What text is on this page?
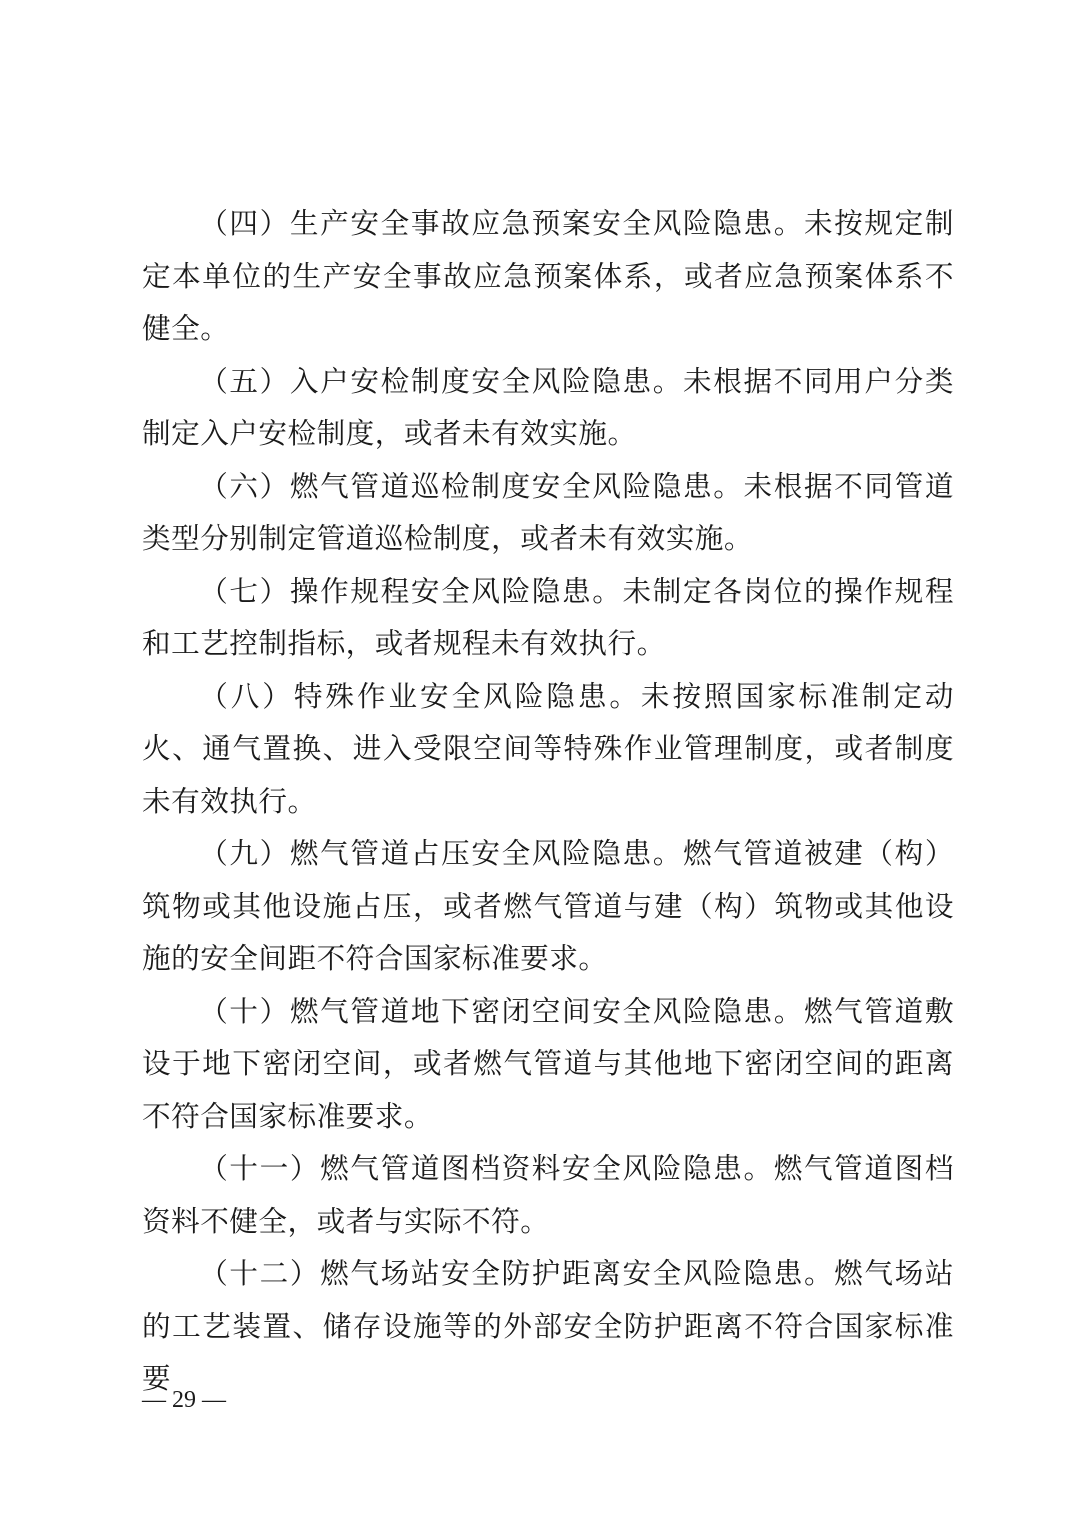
（四）生产安全事故应急预案安全风险隐患。未按规定制定本单位的生产安全事故应急预案体系，或者应急预案体系不健全。

（五）入户安检制度安全风险隐患。未根据不同用户分类制定入户安检制度，或者未有效实施。

（六）燃气管道巡检制度安全风险隐患。未根据不同管道类型分别制定管道巡检制度，或者未有效实施。

（七）操作规程安全风险隐患。未制定各岗位的操作规程和工艺控制指标，或者规程未有效执行。

（八）特殊作业安全风险隐患。未按照国家标准制定动火、通气置换、进入受限空间等特殊作业管理制度，或者制度未有效执行。

（九）燃气管道占压安全风险隐患。燃气管道被建（构）筑物或其他设施占压，或者燃气管道与建（构）筑物或其他设施的安全间距不符合国家标准要求。

（十）燃气管道地下密闭空间安全风险隐患。燃气管道敷设于地下密闭空间，或者燃气管道与其他地下密闭空间的距离不符合国家标准要求。

（十一）燃气管道图档资料安全风险隐患。燃气管道图档资料不健全，或者与实际不符。

（十二）燃气场站安全防护距离安全风险隐患。燃气场站的工艺装置、储存设施等的外部安全防护距离不符合国家标准要

— 29 —
